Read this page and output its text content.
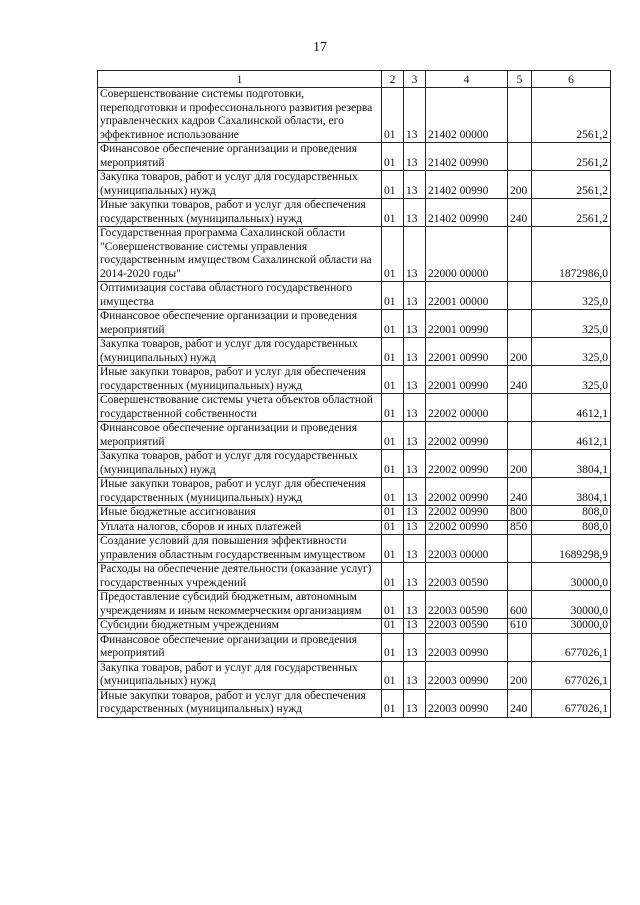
17
1	2	3	4	5	6
Совершенствование системы подготовки, переподготовки и профессионального развития резерва управленческих кадров Сахалинской области, его эффективное использование	01	13	21402 00000		2561,2
Финансовое обеспечение организации и проведения мероприятий	01	13	21402 00990		2561,2
Закупка товаров, работ и услуг для государственных (муниципальных) нужд	01	13	21402 00990	200	2561,2
Иные закупки товаров, работ и услуг для обеспечения государственных (муниципальных) нужд	01	13	21402 00990	240	2561,2
Государственная программа Сахалинской области "Совершенствование системы управления государственным имуществом Сахалинской области на 2014-2020 годы"	01	13	22000 00000		1872986,0
Оптимизация состава областного государственного имущества	01	13	22001 00000		325,0
Финансовое обеспечение организации и проведения мероприятий	01	13	22001 00990		325,0
Закупка товаров, работ и услуг для государственных (муниципальных) нужд	01	13	22001 00990	200	325,0
Иные закупки товаров, работ и услуг для обеспечения государственных (муниципальных) нужд	01	13	22001 00990	240	325,0
Совершенствование системы учета объектов областной государственной собственности	01	13	22002 00000		4612,1
Финансовое обеспечение организации и проведения мероприятий	01	13	22002 00990		4612,1
Закупка товаров, работ и услуг для государственных (муниципальных) нужд	01	13	22002 00990	200	3804,1
Иные закупки товаров, работ и услуг для обеспечения государственных (муниципальных) нужд	01	13	22002 00990	240	3804,1
Иные бюджетные ассигнования	01	13	22002 00990	800	808,0
Уплата налогов, сборов и иных платежей	01	13	22002 00990	850	808,0
Создание условий для повышения эффективности управления областным государственным имуществом	01	13	22003 00000		1689298,9
Расходы на обеспечение деятельности (оказание услуг) государственных учреждений	01	13	22003 00590		30000,0
Предоставление субсидий бюджетным, автономным учреждениям и иным некоммерческим организациям	01	13	22003 00590	600	30000,0
Субсидии бюджетным учреждениям	01	13	22003 00590	610	30000,0
Финансовое обеспечение организации и проведения мероприятий	01	13	22003 00990		677026,1
Закупка товаров, работ и услуг для государственных (муниципальных) нужд	01	13	22003 00990	200	677026,1
Иные закупки товаров, работ и услуг для обеспечения государственных (муниципальных) нужд	01	13	22003 00990	240	677026,1
